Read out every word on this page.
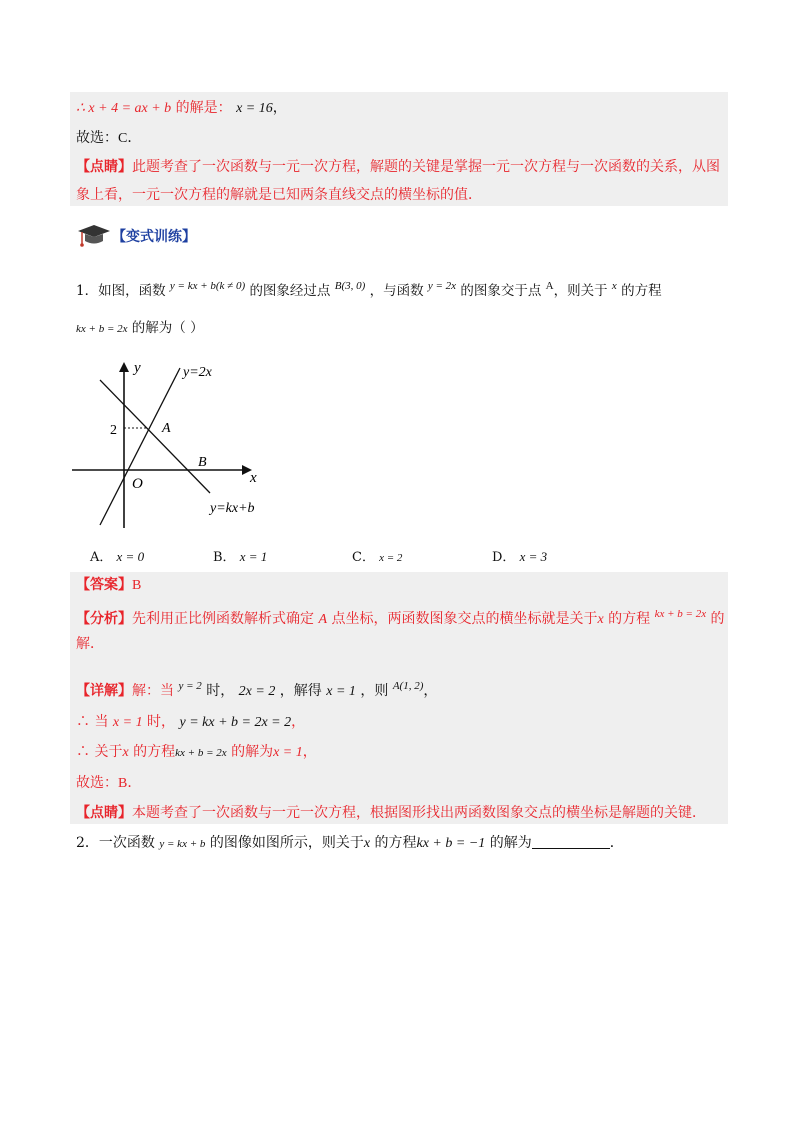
∴ x + 4 = ax + b 的解是： x = 16，
故选：C．
【点睛】此题考查了一次函数与一元一次方程，解题的关键是掌握一元一次方程与一次函数的关系，从图
象上看，一元一次方程的解就是已知两条直线交点的横坐标的值．
【变式训练】
1．如图，函数 $^{y = kx + b(k \ne 0)}$ 的图象经过点 $^{B(3, 0)}$ ，与函数 $^{y = 2x}$ 的图象交于点 $^A$，则关于 $^x$ 的方程
kx + b = 2x 的解为（ ）
y	y=2x
2	A
B
x
O
y=kx+b
A． x = 0	B． x = 1	C． x = 2	D． x = 3
【答案】B
【分析】先利用正比例函数解析式确定 A 点坐标，两函数图象交点的横坐标就是关于x 的方程 $^{kx + b = 2x}$ 的
解．
【详解】解：当 $^{y = 2}$ 时， 2x = 2 ，解得 x = 1 ，则 $^{A(1, 2)}$，
∴ 当 x = 1 时， y = kx + b = 2x = 2，
∴ 关于x 的方程kx + b = 2x 的解为x = 1，
故选：B．
【点睛】本题考查了一次函数与一元一次方程，根据图形找出两函数图象交点的横坐标是解题的关键．
2．一次函数 y = kx + b 的图像如图所示，则关于x 的方程kx + b = −1 的解为	．
